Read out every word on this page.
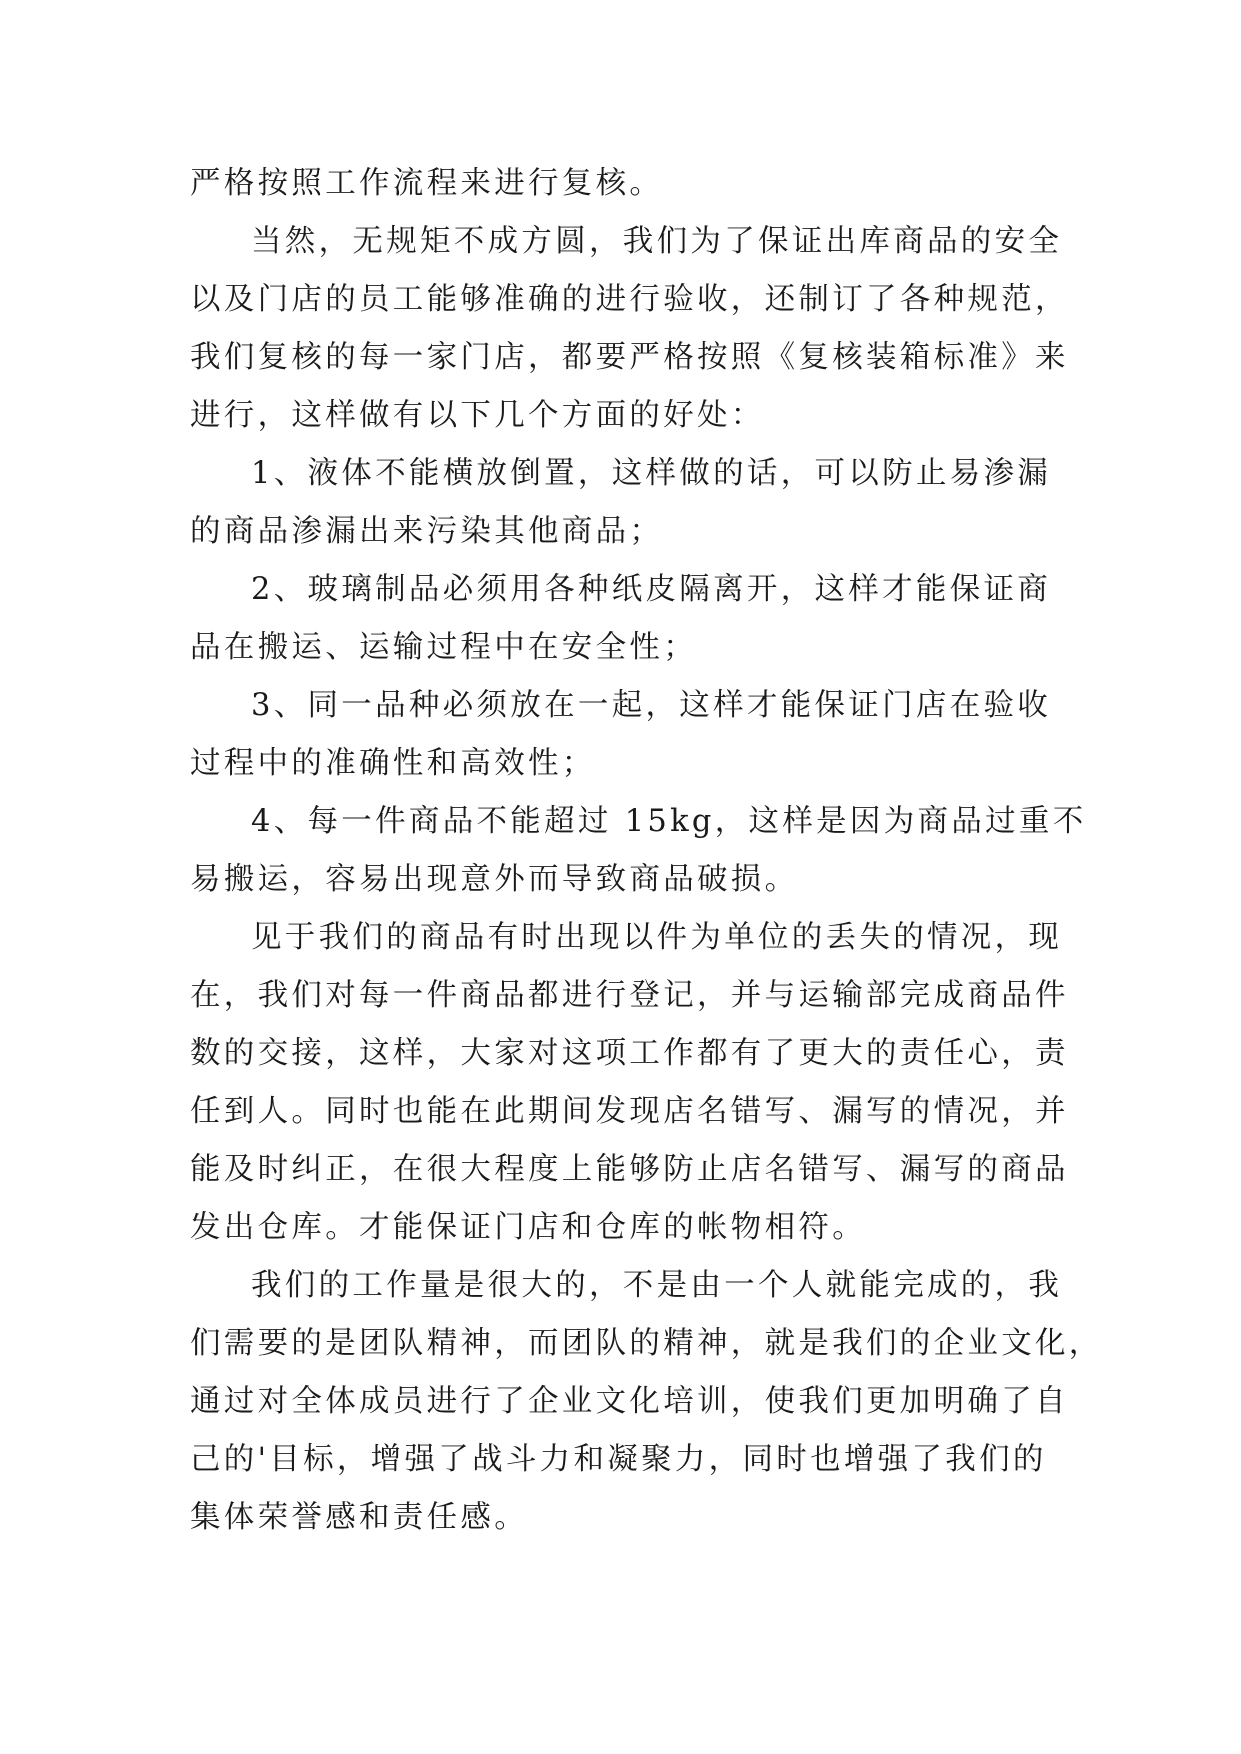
严格按照工作流程来进行复核。
当然，无规矩不成方圆，我们为了保证出库商品的安全
以及门店的员工能够准确的进行验收，还制订了各种规范，
我们复核的每一家门店，都要严格按照《复核装箱标准》来
进行，这样做有以下几个方面的好处：
1、液体不能横放倒置，这样做的话，可以防止易渗漏
的商品渗漏出来污染其他商品；
2、玻璃制品必须用各种纸皮隔离开，这样才能保证商
品在搬运、运输过程中在安全性；
3、同一品种必须放在一起，这样才能保证门店在验收
过程中的准确性和高效性；
4、每一件商品不能超过 15kg，这样是因为商品过重不
易搬运，容易出现意外而导致商品破损。
见于我们的商品有时出现以件为单位的丢失的情况，现
在，我们对每一件商品都进行登记，并与运输部完成商品件
数的交接，这样，大家对这项工作都有了更大的责任心，责
任到人。同时也能在此期间发现店名错写、漏写的情况，并
能及时纠正，在很大程度上能够防止店名错写、漏写的商品
发出仓库。才能保证门店和仓库的帐物相符。
我们的工作量是很大的，不是由一个人就能完成的，我
们需要的是团队精神，而团队的精神，就是我们的企业文化，
通过对全体成员进行了企业文化培训，使我们更加明确了自
己的'目标，增强了战斗力和凝聚力，同时也增强了我们的
集体荣誉感和责任感。
